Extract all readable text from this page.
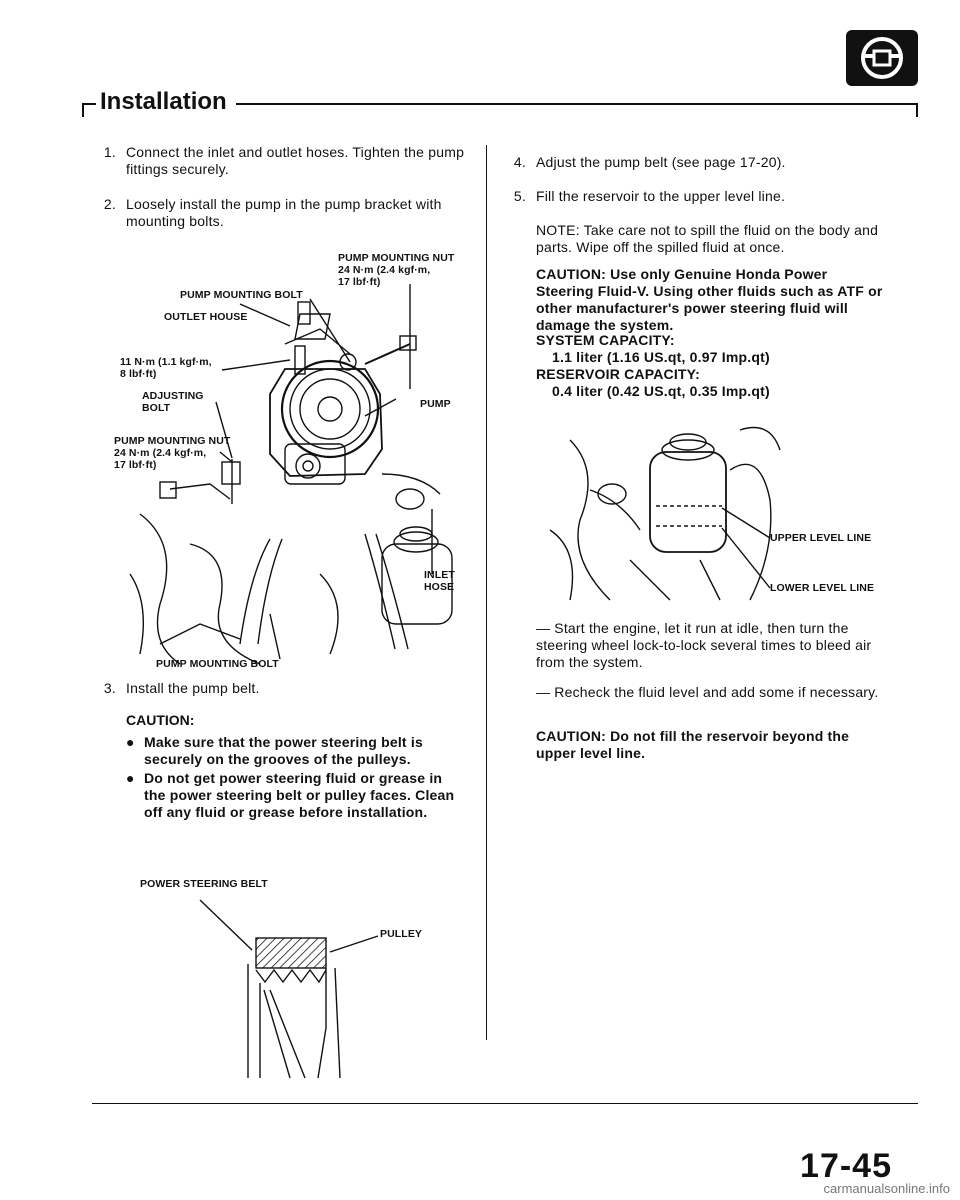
Installation
1. Connect the inlet and outlet hoses. Tighten the pump fittings securely.
2. Loosely install the pump in the pump bracket with mounting bolts.
PUMP MOUNTING NUT
24 N·m (2.4 kgf·m,
17 lbf·ft)
PUMP MOUNTING BOLT
OUTLET HOUSE
11 N·m (1.1 kgf·m,
8 lbf·ft)
ADJUSTING
BOLT	PUMP
PUMP MOUNTING NUT
24 N·m (2.4 kgf·m,
17 lbf·ft)
INLET
HOSE
PUMP MOUNTING BOLT
3. Install the pump belt.
CAUTION:
● Make sure that the power steering belt is securely on the grooves of the pulleys.
● Do not get power steering fluid or grease in the power steering belt or pulley faces. Clean off any fluid or grease before installation.
POWER STEERING BELT
PULLEY
4. Adjust the pump belt (see page 17-20).
5. Fill the reservoir to the upper level line.
NOTE: Take care not to spill the fluid on the body and parts. Wipe off the spilled fluid at once.
CAUTION: Use only Genuine Honda Power Steering Fluid-V. Using other fluids such as ATF or other manufacturer's power steering fluid will damage the system.
SYSTEM CAPACITY:
1.1 liter (1.16 US.qt, 0.97 Imp.qt)
RESERVOIR CAPACITY:
0.4 liter (0.42 US.qt, 0.35 Imp.qt)
UPPER LEVEL LINE
LOWER LEVEL LINE
— Start the engine, let it run at idle, then turn the steering wheel lock-to-lock several times to bleed air from the system.
— Recheck the fluid level and add some if necessary.
CAUTION: Do not fill the reservoir beyond the upper level line.
17-45
carmanualsonline.info
